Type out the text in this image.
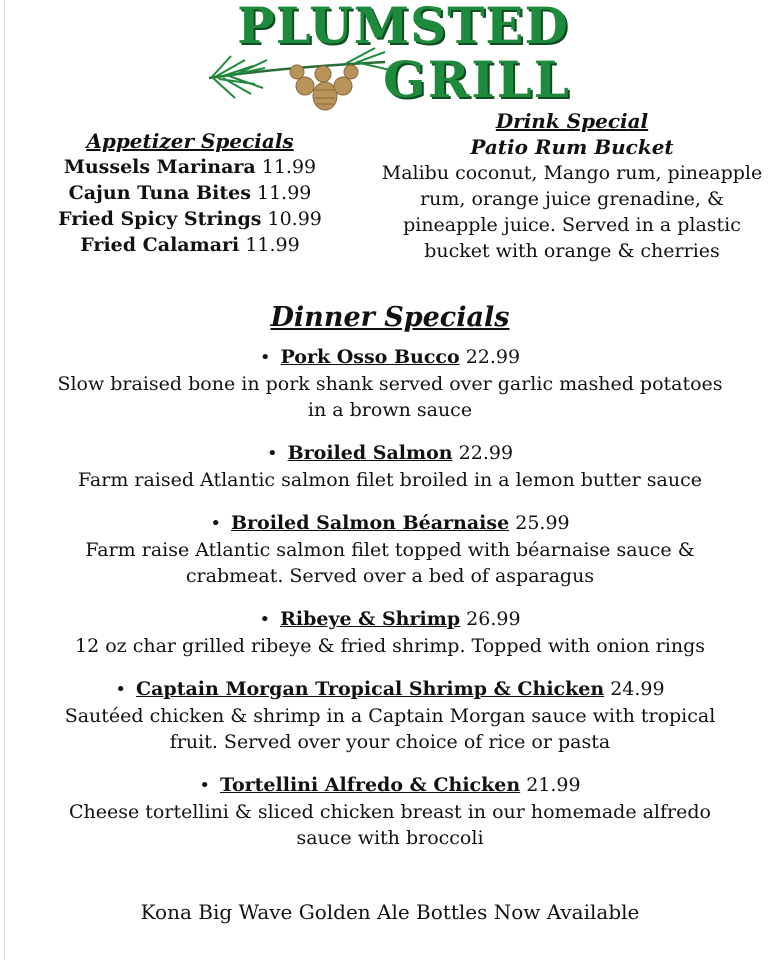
PLUMSTED
GRILL
Appetizer Specials
Mussels Marinara 11.99
Cajun Tuna Bites 11.99
Fried Spicy Strings 10.99
Fried Calamari 11.99
Drink Special
Patio Rum Bucket
Malibu coconut, Mango rum, pineapple
rum, orange juice grenadine, &
pineapple juice. Served in a plastic
bucket with orange & cherries
Dinner Specials
• Pork Osso Bucco 22.99
Slow braised bone in pork shank served over garlic mashed potatoes
in a brown sauce
• Broiled Salmon 22.99
Farm raised Atlantic salmon filet broiled in a lemon butter sauce
• Broiled Salmon Béarnaise 25.99
Farm raise Atlantic salmon filet topped with béarnaise sauce &
crabmeat. Served over a bed of asparagus
• Ribeye & Shrimp 26.99
12 oz char grilled ribeye & fried shrimp. Topped with onion rings
• Captain Morgan Tropical Shrimp & Chicken 24.99
Sautéed chicken & shrimp in a Captain Morgan sauce with tropical
fruit. Served over your choice of rice or pasta
• Tortellini Alfredo & Chicken 21.99
Cheese tortellini & sliced chicken breast in our homemade alfredo
sauce with broccoli
Kona Big Wave Golden Ale Bottles Now Available
